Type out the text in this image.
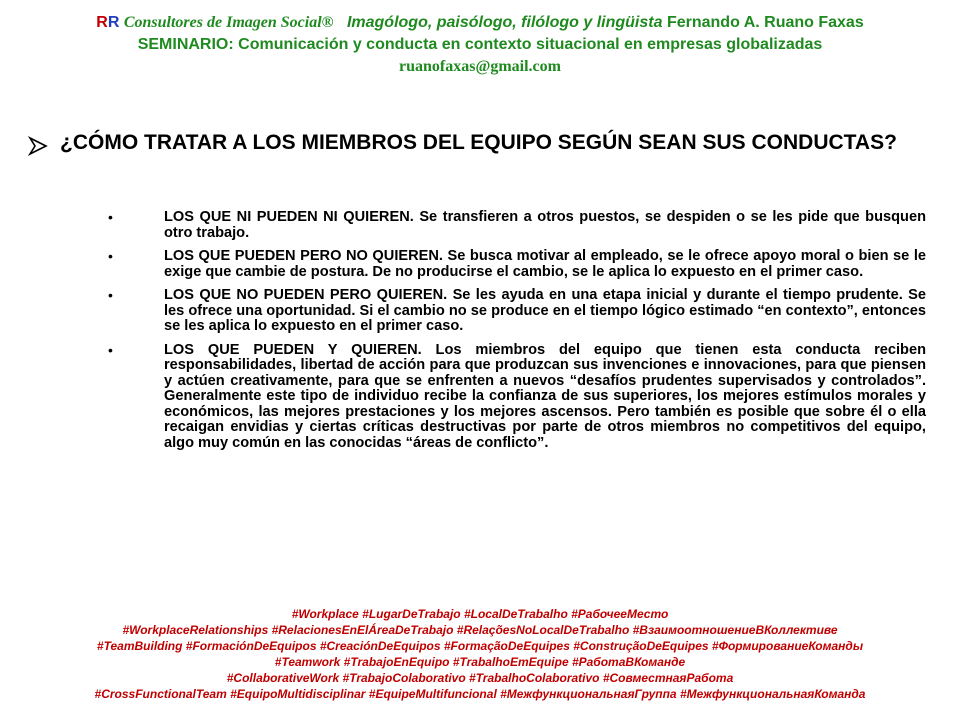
RR Consultores de Imagen Social® Imagólogo, paisólogo, filólogo y lingüista Fernando A. Ruano Faxas
SEMINARIO: Comunicación y conducta en contexto situacional en empresas globalizadas
ruanofaxas@gmail.com
¿CÓMO TRATAR A LOS MIEMBROS DEL EQUIPO SEGÚN SEAN SUS CONDUCTAS?
•	LOS QUE NI PUEDEN NI QUIEREN. Se transfieren a otros puestos, se despiden o se les pide que busquen otro trabajo.
•	LOS QUE PUEDEN PERO NO QUIEREN. Se busca motivar al empleado, se le ofrece apoyo moral o bien se le exige que cambie de postura. De no producirse el cambio, se le aplica lo expuesto en el primer caso.
•	LOS QUE NO PUEDEN PERO QUIEREN. Se les ayuda en una etapa inicial y durante el tiempo prudente. Se les ofrece una oportunidad. Si el cambio no se produce en el tiempo lógico estimado “en contexto”, entonces se les aplica lo expuesto en el primer caso.
•	LOS QUE PUEDEN Y QUIEREN. Los miembros del equipo que tienen esta conducta reciben responsabilidades, libertad de acción para que produzcan sus invenciones e innovaciones, para que piensen y actúen creativamente, para que se enfrenten a nuevos “desafíos prudentes supervisados y controlados”. Generalmente este tipo de individuo recibe la confianza de sus superiores, los mejores estímulos morales y económicos, las mejores prestaciones y los mejores ascensos. Pero también es posible que sobre él o ella recaigan envidias y ciertas críticas destructivas por parte de otros miembros no competitivos del equipo, algo muy común en las conocidas “áreas de conflicto”.
#Workplace #LugarDeTrabajo #LocalDeTrabalho #РабочееМесто
#WorkplaceRelationships #RelacionesEnElÁreaDeTrabajo #RelaçõesNoLocalDeTrabalho #ВзаимоотношениеВКоллективе
#TeamBuilding #FormaciónDeEquipos #CreaciónDeEquipos #FormaçãoDeEquipes #ConstruçãoDeEquipes #ФормированиеКоманды
#Teamwork #TrabajoEnEquipo #TrabalhoEmEquipe #РаботаВКоманде
#CollaborativeWork #TrabajoColaborativo #TrabalhoColaborativo #СовместнаяРабота
#CrossFunctionalTeam #EquipoMultidisciplinar #EquipeMultifuncional #МежфункциональнаяГруппа #МежфункциональнаяКоманда
